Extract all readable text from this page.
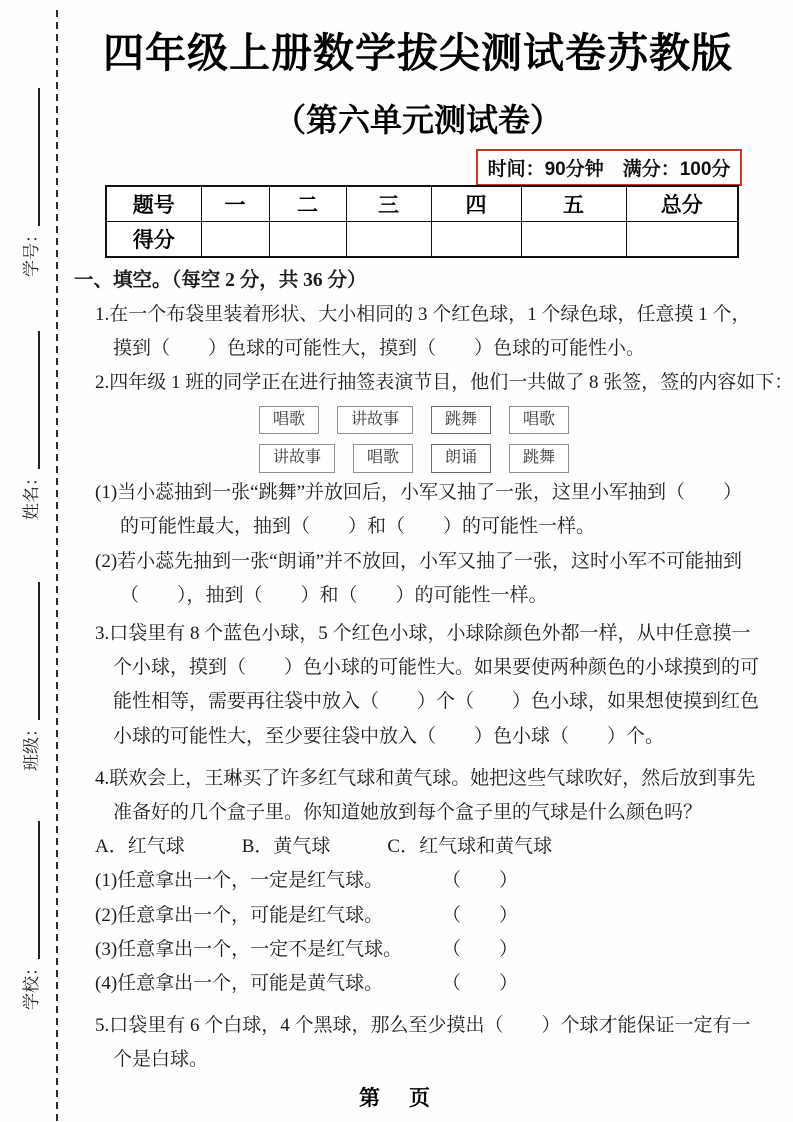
学号：
姓名：
班级：
学校：
四年级上册数学拔尖测试卷苏教版
（第六单元测试卷）
时间：90分钟　满分：100分
题号	一	二	三	四	五	总分
得分						

一、填空。（每空 2 分，共 36 分）

1.在一个布袋里装着形状、大小相同的 3 个红色球，1 个绿色球，任意摸 1 个，摸到（　　）色球的可能性大，摸到（　　）色球的可能性小。

2.四年级 1 班的同学正在进行抽签表演节目，他们一共做了 8 张签，签的内容如下：

唱歌	讲故事	跳舞	唱歌
讲故事	唱歌	朗诵	跳舞

(1)当小蕊抽到一张“跳舞”并放回后，小军又抽了一张，这里小军抽到（　　）的可能性最大，抽到（　　）和（　　）的可能性一样。

(2)若小蕊先抽到一张“朗诵”并不放回，小军又抽了一张，这时小军不可能抽到（　　），抽到（　　）和（　　）的可能性一样。

3.口袋里有 8 个蓝色小球，5 个红色小球，小球除颜色外都一样，从中任意摸一个小球，摸到（　　）色小球的可能性大。如果要使两种颜色的小球摸到的可能性相等，需要再往袋中放入（　　）个（　　）色小球，如果想使摸到红色小球的可能性大，至少要往袋中放入（　　）色小球（　　）个。

4.联欢会上，王琳买了许多红气球和黄气球。她把这些气球吹好，然后放到事先准备好的几个盒子里。你知道她放到每个盒子里的气球是什么颜色吗？

A．红气球　　　B．黄气球　　　C．红气球和黄气球

(1)任意拿出一个，一定是红气球。	（　　）
(2)任意拿出一个，可能是红气球。	（　　）
(3)任意拿出一个，一定不是红气球。	（　　）
(4)任意拿出一个，可能是黄气球。	（　　）

5.口袋里有 6 个白球，4 个黑球，那么至少摸出（　　）个球才能保证一定有一个是白球。

第　页
